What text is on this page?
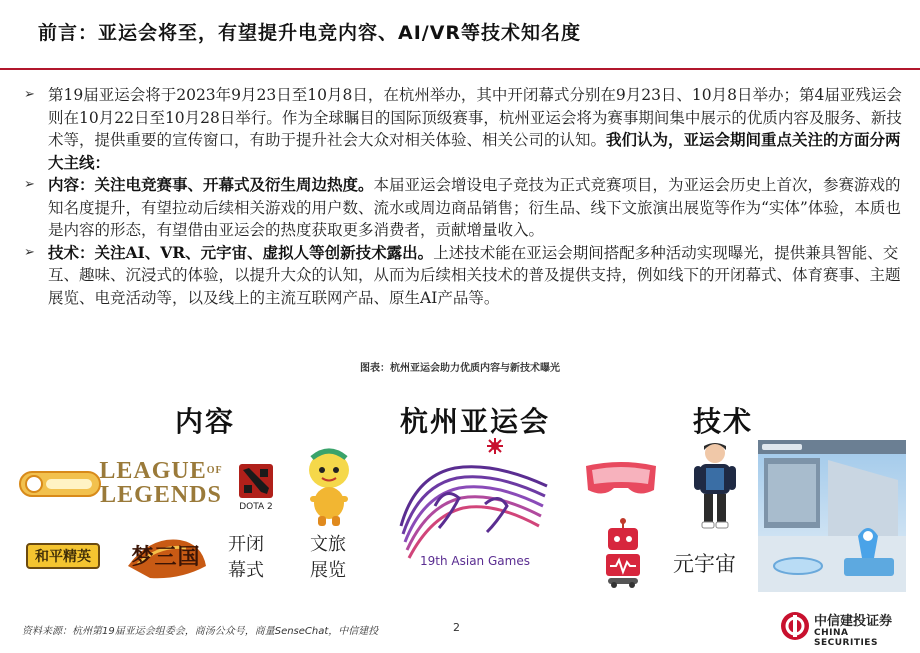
前言：亚运会将至，有望提升电竞内容、AI/VR等技术知名度

➢ 第19届亚运会将于2023年9月23日至10月8日，在杭州举办，其中开闭幕式分别在9月23日、10月8日举办；第4届亚残运会则在10月22日至10月28日举行。作为全球瞩目的国际顶级赛事，杭州亚运会将为赛事期间集中展示的优质内容及服务、新技术等，提供重要的宣传窗口，有助于提升社会大众对相关体验、相关公司的认知。我们认为，亚运会期间重点关注的方面分两大主线：

➢ 内容：关注电竞赛事、开幕式及衍生周边热度。本届亚运会增设电子竞技为正式竞赛项目，为亚运会历史上首次，参赛游戏的知名度提升，有望拉动后续相关游戏的用户数、流水或周边商品销售；衍生品、线下文旅演出展览等作为“实体”体验，本质也是内容的形态，有望借由亚运会的热度获取更多消费者，贡献增量收入。

➢ 技术：关注AI、VR、元宇宙、虚拟人等创新技术露出。上述技术能在亚运会期间搭配多种活动实现曝光，提供兼具智能、交互、趣味、沉浸式的体验，以提升大众的认知，从而为后续相关技术的普及提供支持，例如线下的开闭幕式、体育赛事、主题展览、电竞活动等，以及线上的主流互联网产品、原生AI产品等。

图表：杭州亚运会助力优质内容与新技术曝光
内容	杭州亚运会	技术
$LEAGUE^{OF}$
LEGENDS DOTA 2
和平精英 梦三国 开闭
幕式
文旅
展览	19th Asian Games	元宇宙
资料来源：杭州第19届亚运会组委会，商汤公众号，商量SenseChat，中信建投	2	中信建投证券
CHINA SECURITIES
